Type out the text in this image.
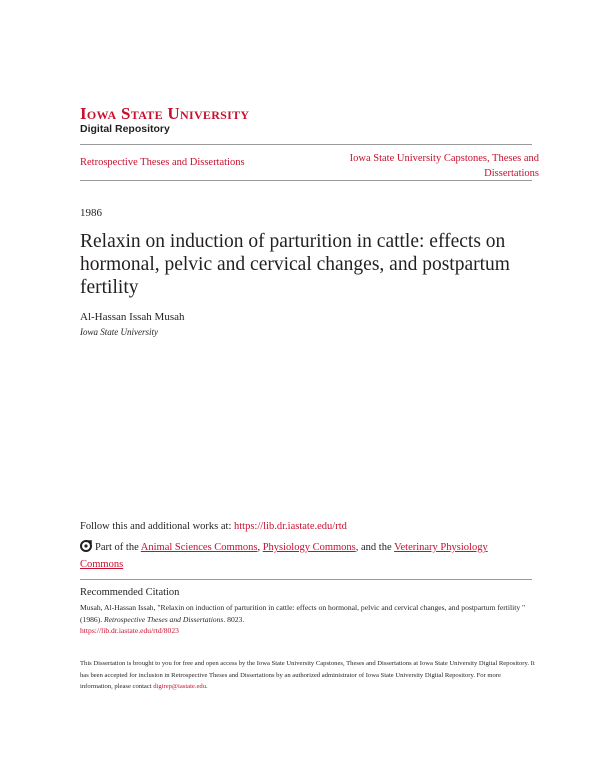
Iowa State University
Digital Repository
Retrospective Theses and Dissertations	Iowa State University Capstones, Theses and Dissertations
1986
Relaxin on induction of parturition in cattle: effects on hormonal, pelvic and cervical changes, and postpartum fertility
Al-Hassan Issah Musah
Iowa State University
Follow this and additional works at: https://lib.dr.iastate.edu/rtd
Part of the Animal Sciences Commons, Physiology Commons, and the Veterinary Physiology Commons
Recommended Citation
Musah, Al-Hassan Issah, "Relaxin on induction of parturition in cattle: effects on hormonal, pelvic and cervical changes, and postpartum fertility " (1986). Retrospective Theses and Dissertations. 8023.
https://lib.dr.iastate.edu/rtd/8023
This Dissertation is brought to you for free and open access by the Iowa State University Capstones, Theses and Dissertations at Iowa State University Digital Repository. It has been accepted for inclusion in Retrospective Theses and Dissertations by an authorized administrator of Iowa State University Digital Repository. For more information, please contact digirep@iastate.edu.
